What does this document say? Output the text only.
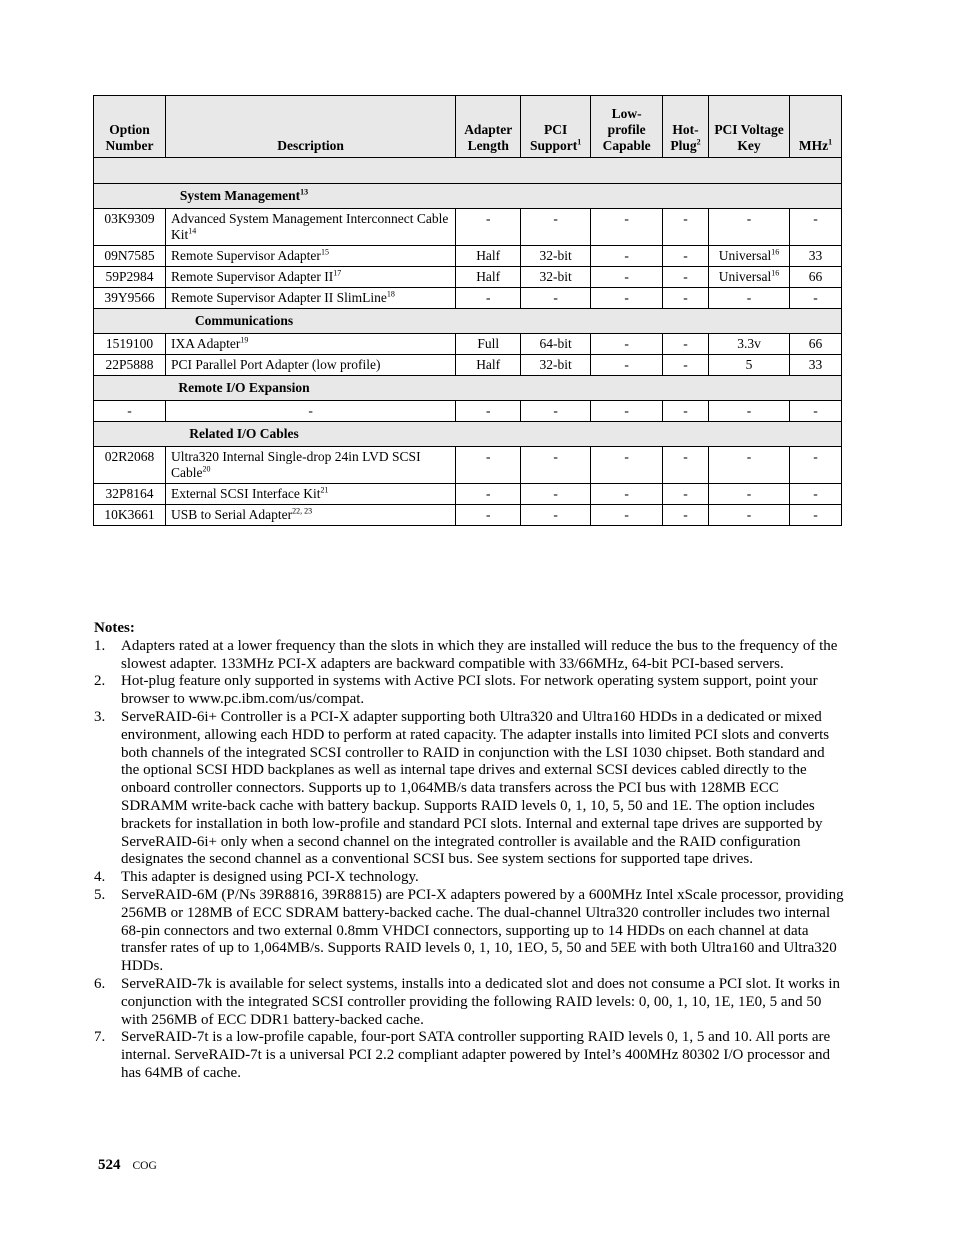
Option Number	Description	Adapter Length	PCI Support$^1$	Low-profile Capable	Hot-Plug$^2$	PCI Voltage Key	MHz$^1$

System Management$^{13}$
03K9309	Advanced System Management Interconnect Cable Kit$^{14}$	-	-	-	-	-	-
09N7585	Remote Supervisor Adapter$^{15}$	Half	32-bit	-	-	Universal$^{16}$	33
59P2984	Remote Supervisor Adapter II$^{17}$	Half	32-bit	-	-	Universal$^{16}$	66
39Y9566	Remote Supervisor Adapter II SlimLine$^{18}$	-	-	-	-	-	-
Communications							
1519100	IXA Adapter$^{19}$	Full	64-bit	-	-	3.3v	66
22P5888	PCI Parallel Port Adapter (low profile)	Half	32-bit	-	-	5	33
Remote I/O Expansion							
-	-	-	-	-	-	-	-
Related I/O Cables							
02R2068	Ultra320 Internal Single-drop 24in LVD SCSI Cable$^{20}$	-	-	-	-	-	-
32P8164	External SCSI Interface Kit$^{21}$	-	-	-	-	-	-
10K3661	USB to Serial Adapter$^{22, 23}$	-	-	-	-	-	-
Notes:
1. Adapters rated at a lower frequency than the slots in which they are installed will reduce the bus to the frequency of the slowest adapter. 133MHz PCI-X adapters are backward compatible with 33/66MHz, 64-bit PCI-based servers.
2. Hot-plug feature only supported in systems with Active PCI slots. For network operating system support, point your browser to www.pc.ibm.com/us/compat.
3. ServeRAID-6i+ Controller is a PCI-X adapter supporting both Ultra320 and Ultra160 HDDs in a dedicated or mixed environment, allowing each HDD to perform at rated capacity. The adapter installs into limited PCI slots and converts both channels of the integrated SCSI controller to RAID in conjunction with the LSI 1030 chipset. Both standard and the optional SCSI HDD backplanes as well as internal tape drives and external SCSI devices cabled directly to the onboard controller connectors. Supports up to 1,064MB/s data transfers across the PCI bus with 128MB ECC SDRAMM write-back cache with battery backup. Supports RAID levels 0, 1, 10, 5, 50 and 1E. The option includes brackets for installation in both low-profile and standard PCI slots. Internal and external tape drives are supported by ServeRAID-6i+ only when a second channel on the integrated controller is available and the RAID configuration designates the second channel as a conventional SCSI bus. See system sections for supported tape drives.
4. This adapter is designed using PCI-X technology.
5. ServeRAID-6M (P/Ns 39R8816, 39R8815) are PCI-X adapters powered by a 600MHz Intel xScale processor, providing 256MB or 128MB of ECC SDRAM battery-backed cache. The dual-channel Ultra320 controller includes two internal 68-pin connectors and two external 0.8mm VHDCI connectors, supporting up to 14 HDDs on each channel at data transfer rates of up to 1,064MB/s. Supports RAID levels 0, 1, 10, 1EO, 5, 50 and 5EE with both Ultra160 and Ultra320 HDDs.
6. ServeRAID-7k is available for select systems, installs into a dedicated slot and does not consume a PCI slot. It works in conjunction with the integrated SCSI controller providing the following RAID levels: 0, 00, 1, 10, 1E, 1E0, 5 and 50 with 256MB of ECC DDR1 battery-backed cache.
7. ServeRAID-7t is a low-profile capable, four-port SATA controller supporting RAID levels 0, 1, 5 and 10. All ports are internal. ServeRAID-7t is a universal PCI 2.2 compliant adapter powered by Intel’s 400MHz 80302 I/O processor and has 64MB of cache.
524 COG
